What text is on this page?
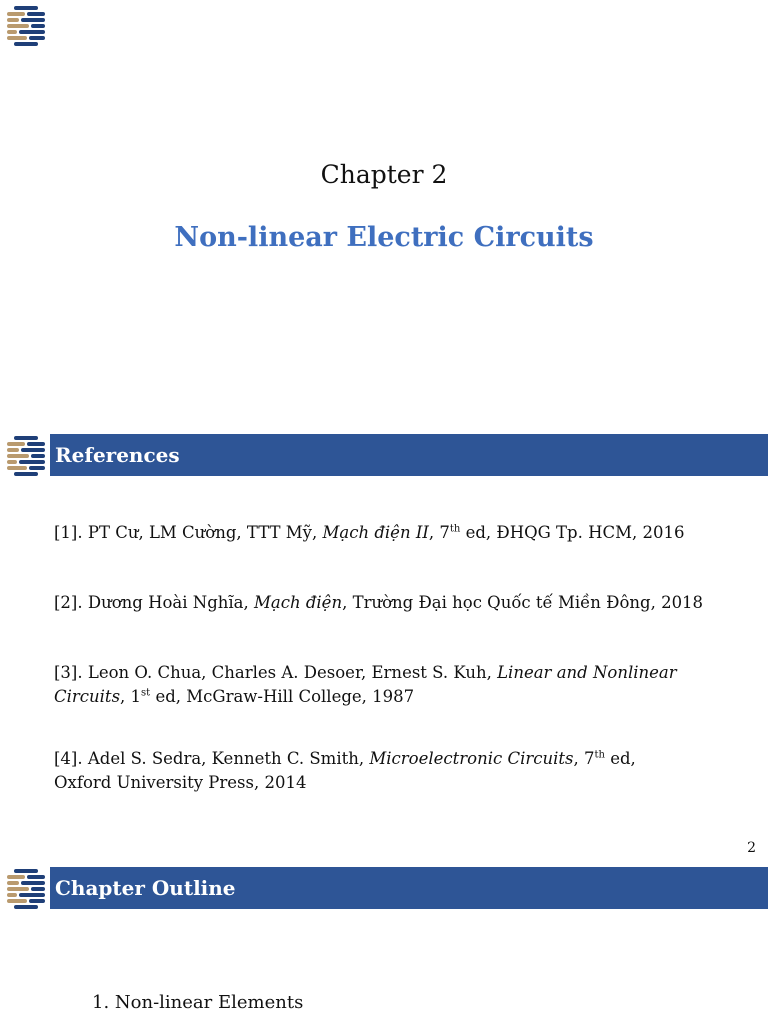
Chapter 2
Non-linear Electric Circuits
References
[1]. PT Cư, LM Cường, TTT Mỹ, Mạch điện II, 7th ed, ĐHQG Tp. HCM, 2016
[2]. Dương Hoài Nghĩa, Mạch điện, Trường Đại học Quốc tế Miền Đông, 2018
[3]. Leon O. Chua, Charles A. Desoer, Ernest S. Kuh, Linear and Nonlinear Circuits, 1st ed, McGraw-Hill College, 1987
[4]. Adel S. Sedra, Kenneth C. Smith, Microelectronic Circuits, 7th ed, Oxford University Press, 2014
2
Chapter Outline
1. Non-linear Elements
